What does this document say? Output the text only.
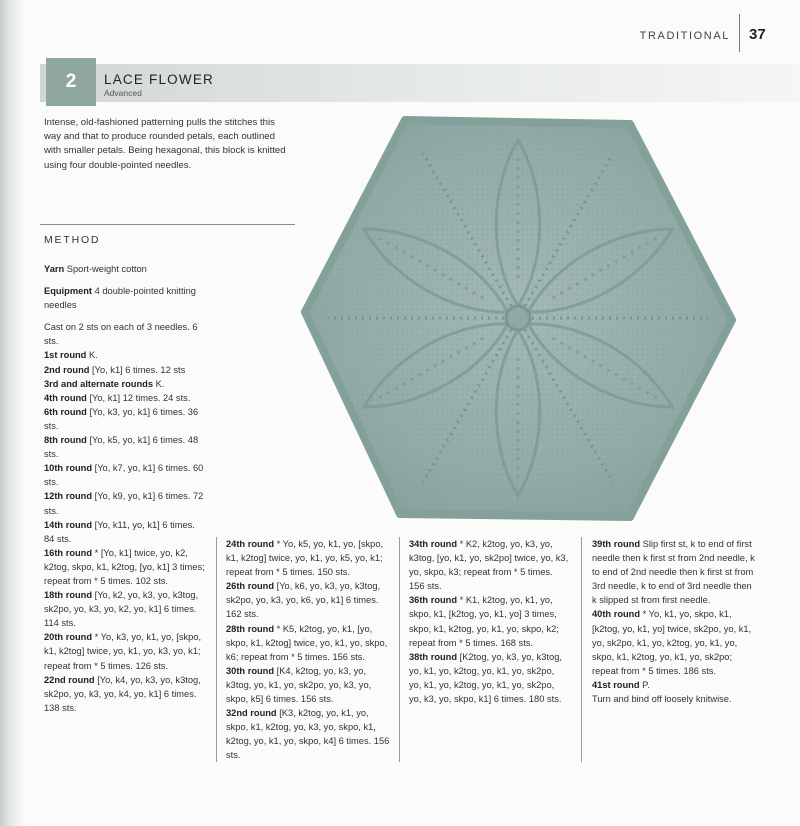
TRADITIONAL 37
2	LACE FLOWER
Advanced
Intense, old-fashioned patterning pulls the stitches this way and that to produce rounded petals, each outlined with smaller petals. Being hexagonal, this block is knitted using four double-pointed needles.
METHOD

Yarn Sport-weight cotton

Equipment 4 double-pointed knitting needles

Cast on 2 sts on each of 3 needles. 6 sts.

1st round K.

2nd round [Yo, k1] 6 times. 12 sts

3rd and alternate rounds K.

4th round [Yo, k1] 12 times. 24 sts.

6th round [Yo, k3, yo, k1] 6 times. 36 sts.

8th round [Yo, k5, yo, k1] 6 times. 48 sts.

10th round [Yo, k7, yo, k1] 6 times. 60 sts.

12th round [Yo, k9, yo, k1] 6 times. 72 sts.

14th round [Yo, k11, yo, k1] 6 times. 84 sts.

16th round * [Yo, k1] twice, yo, k2, k2tog, skpo, k1, k2tog, [yo, k1] 3 times; repeat from * 5 times. 102 sts.

18th round [Yo, k2, yo, k3, yo, k3tog, sk2po, yo, k3, yo, k2, yo, k1] 6 times. 114 sts.

20th round * Yo, k3, yo, k1, yo, [skpo, k1, k2tog] twice, yo, k1, yo, k3, yo, k1; repeat from * 5 times. 126 sts.

22nd round [Yo, k4, yo, k3, yo, k3tog, sk2po, yo, k3, yo, k4, yo, k1] 6 times. 138 sts.

24th round * Yo, k5, yo, k1, yo, [skpo, k1, k2tog] twice, yo, k1, yo, k5, yo, k1; repeat from * 5 times. 150 sts.

26th round [Yo, k6, yo, k3, yo, k3tog, sk2po, yo, k3, yo, k6, yo, k1] 6 times. 162 sts.

28th round * K5, k2tog, yo, k1, [yo, skpo, k1, k2tog] twice, yo, k1, yo, skpo, k6; repeat from * 5 times. 156 sts.

30th round [K4, k2tog, yo, k3, yo, k3tog, yo, k1, yo, sk2po, yo, k3, yo, skpo, k5] 6 times. 156 sts.

32nd round [K3, k2tog, yo, k1, yo, skpo, k1, k2tog, yo, k3, yo, skpo, k1, k2tog, yo, k1, yo, skpo, k4] 6 times. 156 sts.

34th round * K2, k2tog, yo, k3, yo, k3tog, [yo, k1, yo, sk2po] twice, yo, k3, yo, skpo, k3; repeat from * 5 times. 156 sts.

36th round * K1, k2tog, yo, k1, yo, skpo, k1, [k2tog, yo, k1, yo] 3 times, skpo, k1, k2tog, yo, k1, yo, skpo, k2; repeat from * 5 times. 168 sts.

38th round [K2tog, yo, k3, yo, k3tog, yo, k1, yo, k2tog, yo, k1, yo, sk2po, yo, k1, yo, k2tog, yo, k1, yo, sk2po, yo, k3, yo, skpo, k1] 6 times. 180 sts.

39th round Slip first st, k to end of first needle then k first st from 2nd needle, k to end of 2nd needle then k first st from 3rd needle, k to end of 3rd needle then k slipped st from first needle.

40th round * Yo, k1, yo, skpo, k1, [k2tog, yo, k1, yo] twice, sk2po, yo, k1, yo, sk2po, k1, yo, k2tog, yo, k1, yo, skpo, k1, k2tog, yo, k1, yo, sk2po; repeat from * 5 times. 186 sts.

41st round P.

Turn and bind off loosely knitwise.
